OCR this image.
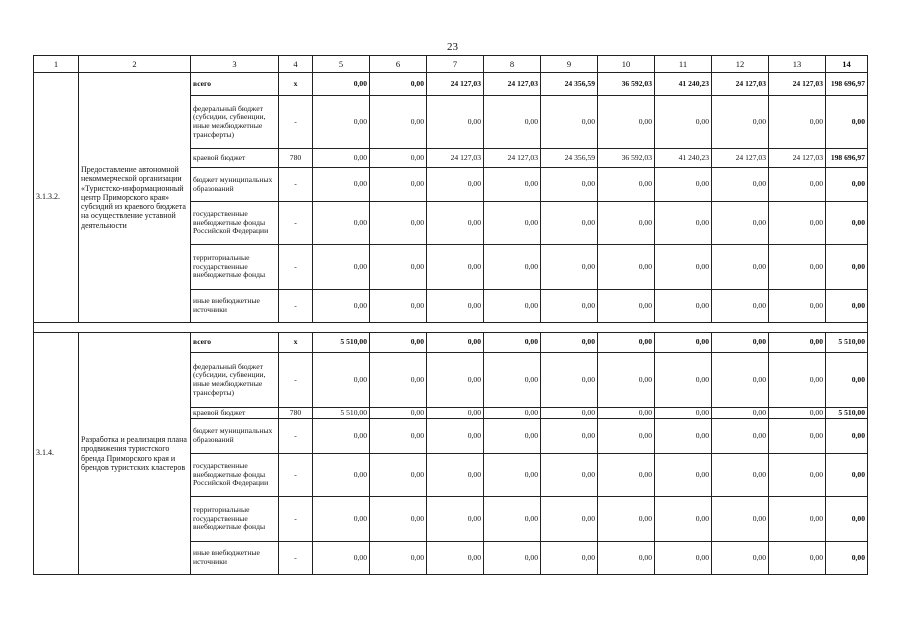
23
1	2	3	4	5	6	7	8	9	10	11	12	13	14
3.1.3.2.	Предоставление автономной некоммерческой организации «Туристско-информационный центр Приморского края» субсидий из краевого бюджета на осуществление уставной деятельности	всего	х	0,00	0,00	24 127,03	24 127,03	24 356,59	36 592,03	41 240,23	24 127,03	24 127,03	198 696,97
		федеральный бюджет (субсидии, субвенции, иные межбюджетные трансферты)	-	0,00	0,00	0,00	0,00	0,00	0,00	0,00	0,00	0,00	0,00
		краевой бюджет	780	0,00	0,00	24 127,03	24 127,03	24 356,59	36 592,03	41 240,23	24 127,03	24 127,03	198 696,97
		бюджет муниципальных образований	-	0,00	0,00	0,00	0,00	0,00	0,00	0,00	0,00	0,00	0,00
		государственные внебюджетные фонды Российской Федерации	-	0,00	0,00	0,00	0,00	0,00	0,00	0,00	0,00	0,00	0,00
		территориальные государственные внебюджетные фонды	-	0,00	0,00	0,00	0,00	0,00	0,00	0,00	0,00	0,00	0,00
		иные внебюджетные источники	-	0,00	0,00	0,00	0,00	0,00	0,00	0,00	0,00	0,00	0,00

3.1.4.	Разработка и реализация плана продвижения туристского бренда Приморского края и брендов туристских кластеров	всего	х	5 510,00	0,00	0,00	0,00	0,00	0,00	0,00	0,00	0,00	5 510,00
		федеральный бюджет (субсидии, субвенции, иные межбюджетные трансферты)	-	0,00	0,00	0,00	0,00	0,00	0,00	0,00	0,00	0,00	0,00
		краевой бюджет	780	5 510,00	0,00	0,00	0,00	0,00	0,00	0,00	0,00	0,00	5 510,00
		бюджет муниципальных образований	-	0,00	0,00	0,00	0,00	0,00	0,00	0,00	0,00	0,00	0,00
		государственные внебюджетные фонды Российской Федерации	-	0,00	0,00	0,00	0,00	0,00	0,00	0,00	0,00	0,00	0,00
		территориальные государственные внебюджетные фонды	-	0,00	0,00	0,00	0,00	0,00	0,00	0,00	0,00	0,00	0,00
		иные внебюджетные источники	-	0,00	0,00	0,00	0,00	0,00	0,00	0,00	0,00	0,00	0,00
